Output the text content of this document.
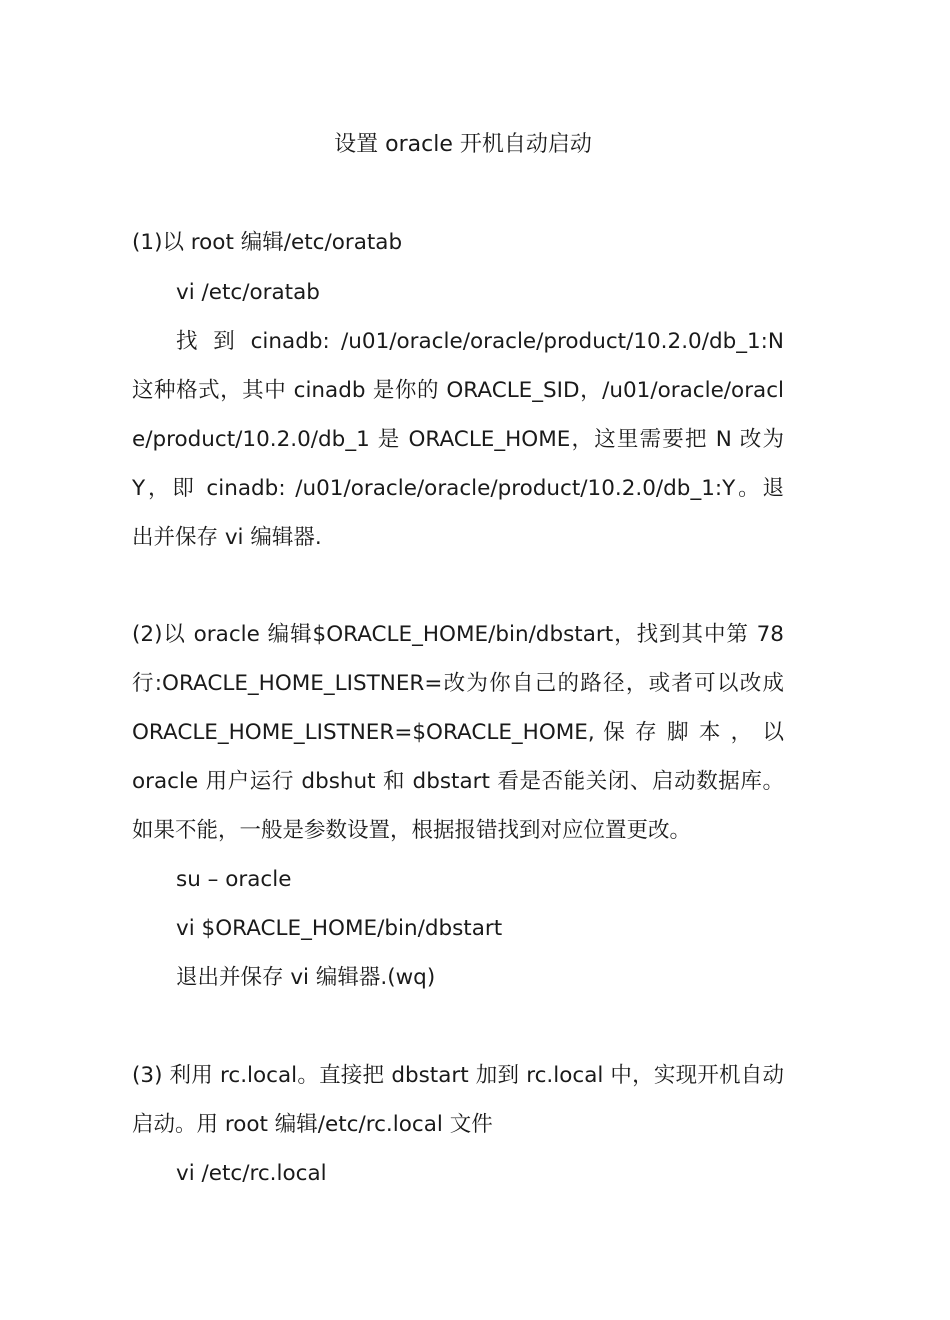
设置 oracle 开机自动启动
(1)以 root 编辑/etc/oratab
vi /etc/oratab
找 到 cinadb: /u01/oracle/oracle/product/10.2.0/db_1:N
这种格式，其中 cinadb 是你的 ORACLE_SID，/u01/oracle/oracl
e/product/10.2.0/db_1 是 ORACLE_HOME，这里需要把 N 改为
Y，即 cinadb: /u01/oracle/oracle/product/10.2.0/db_1:Y。退
出并保存 vi 编辑器.
(2)以 oracle 编辑$ORACLE_HOME/bin/dbstart，找到其中第 78
行:ORACLE_HOME_LISTNER=改为你自己的路径，或者可以改成
ORACLE_HOME_LISTNER=$ORACLE_HOME, 保 存 脚 本 ， 以
oracle 用户运行 dbshut 和 dbstart 看是否能关闭、启动数据库。
如果不能，一般是参数设置，根据报错找到对应位置更改。
su – oracle
vi $ORACLE_HOME/bin/dbstart
退出并保存 vi 编辑器.(wq)
(3) 利用 rc.local。直接把 dbstart 加到 rc.local 中，实现开机自动
启动。用 root 编辑/etc/rc.local 文件
vi /etc/rc.local
